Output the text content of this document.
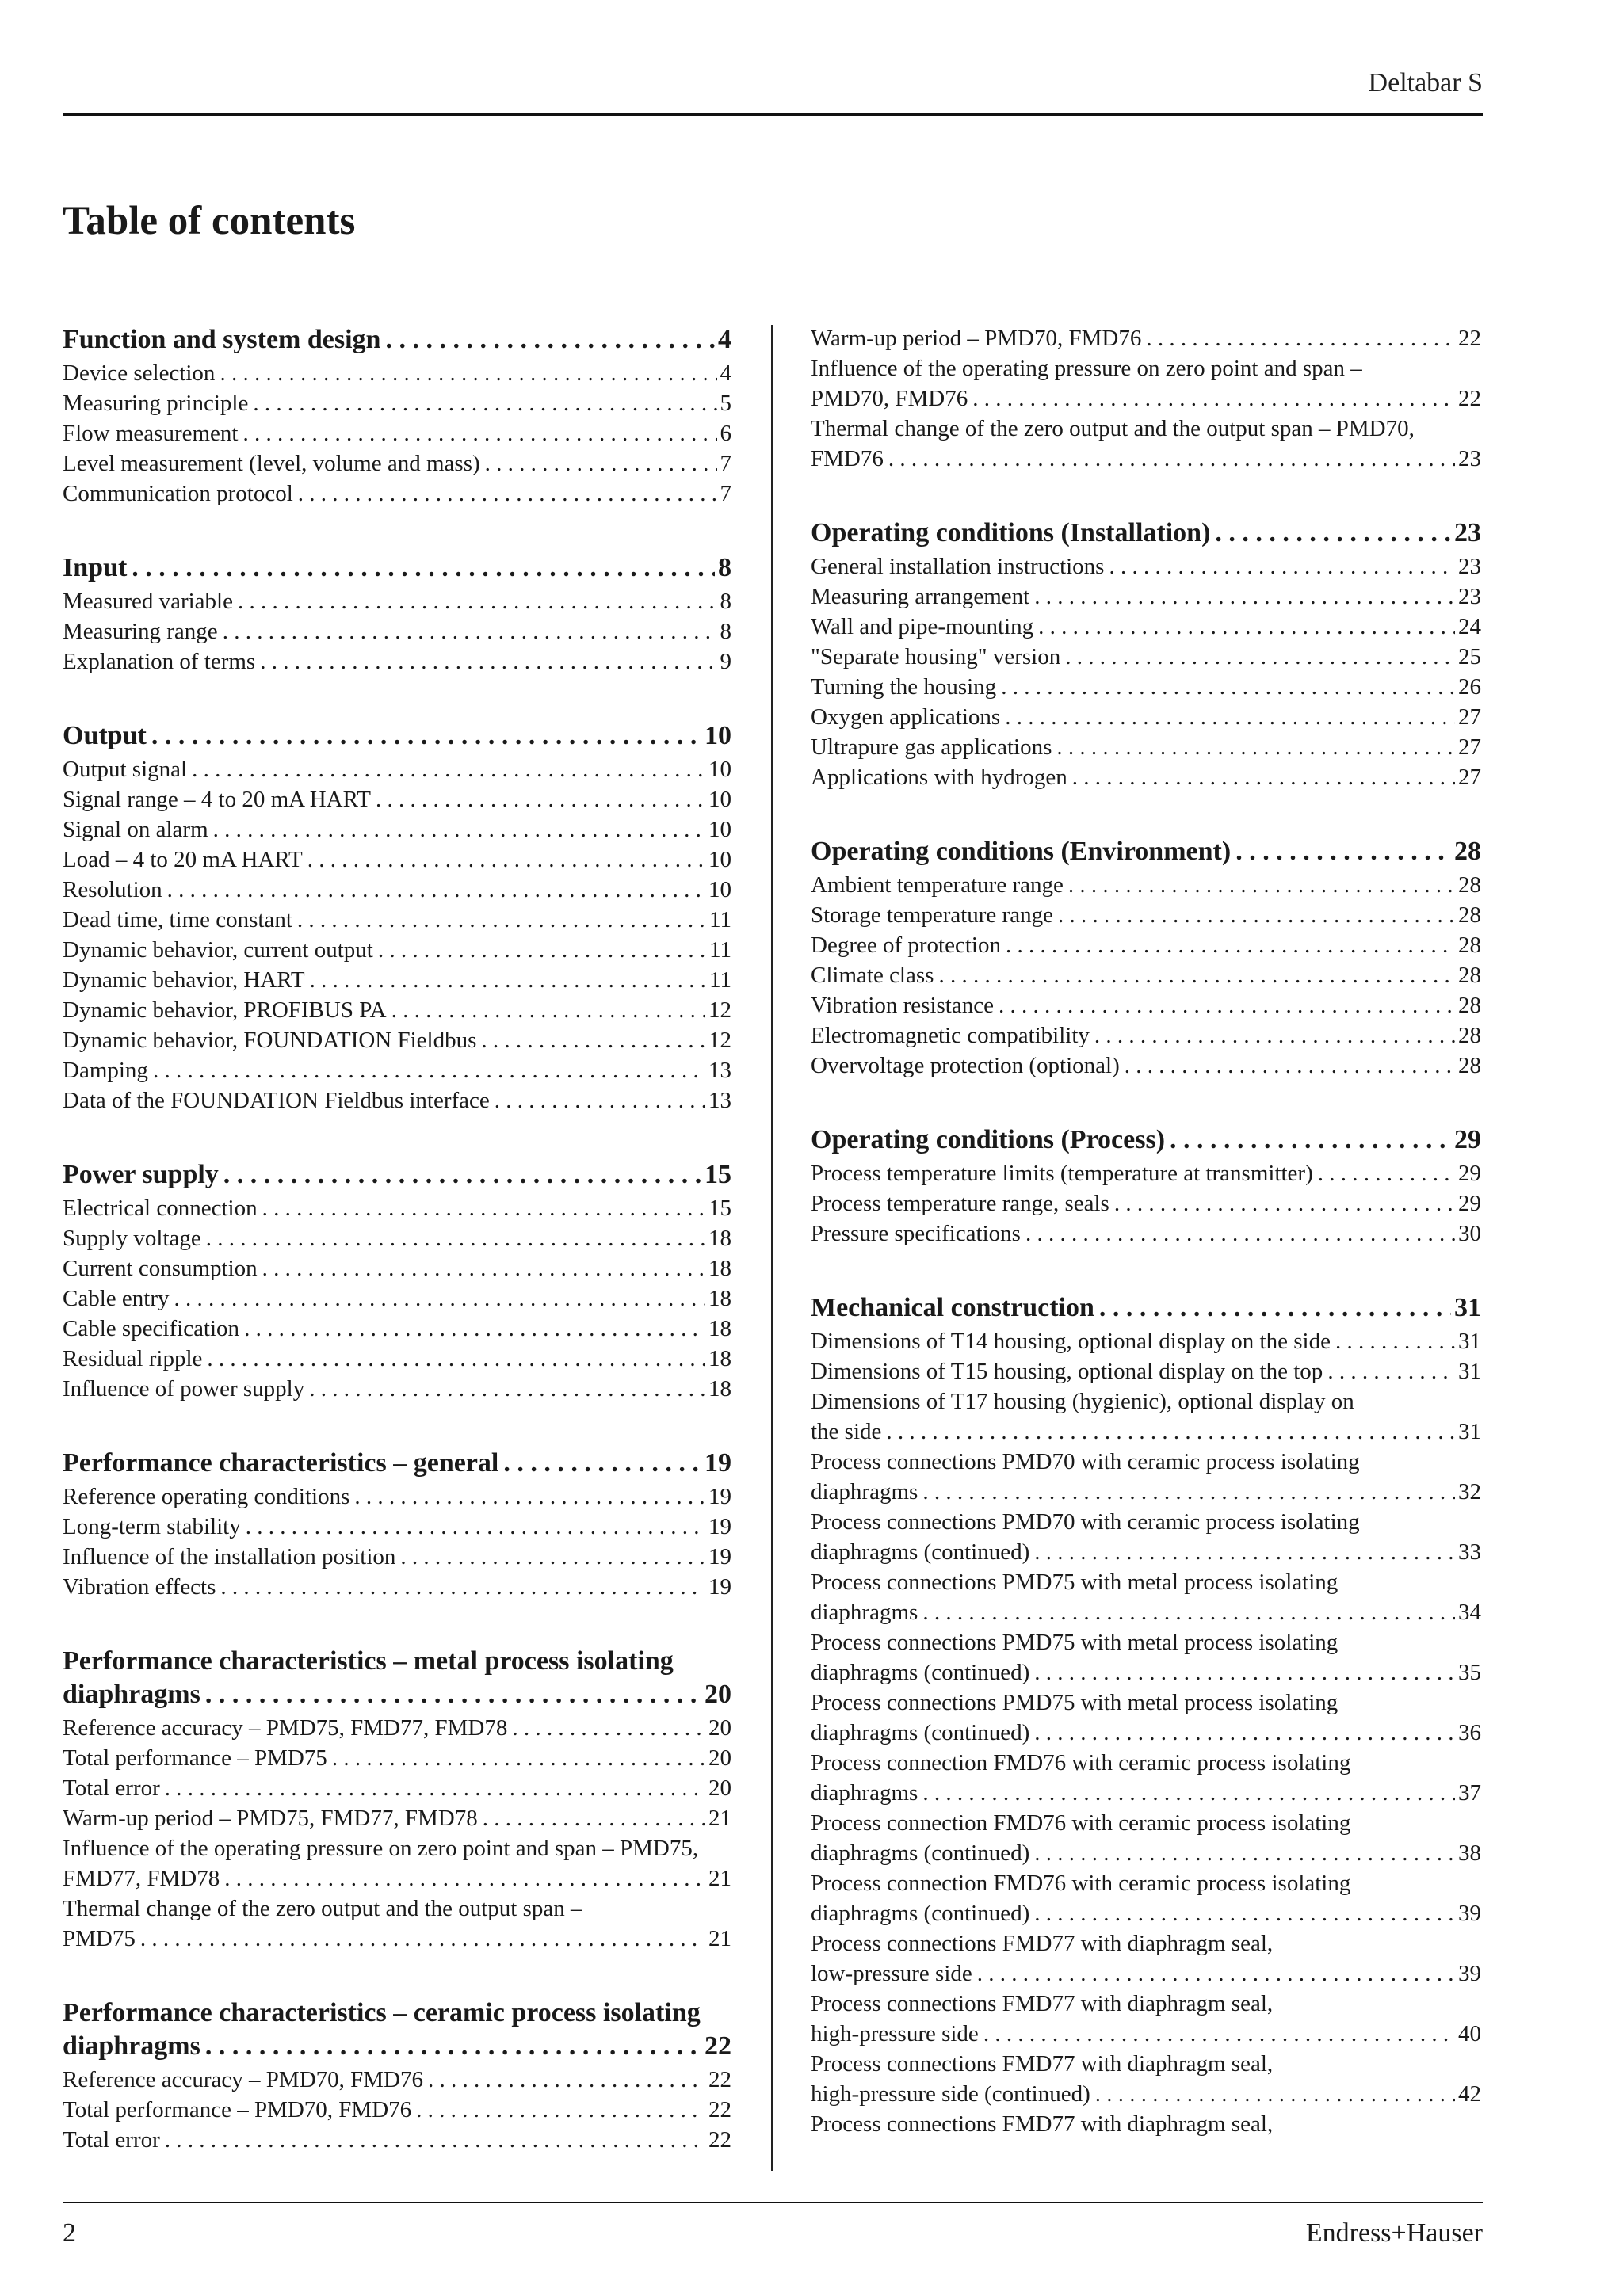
Deltabar S
Table of contents
Function and system design . . .	4
Device selection . . .	4
Measuring principle . . .	5
Flow measurement . . .	6
Level measurement (level, volume and mass) . . .	7
Communication protocol . . .	7
Input . . .	8
Measured variable . . .	8
Measuring range . . .	8
Explanation of terms . . .	9
Output . . .	10
Output signal . . .	10
Signal range – 4 to 20 mA HART . . .	10
Signal on alarm . . .	10
Load – 4 to 20 mA HART . . .	10
Resolution . . .	10
Dead time, time constant . . .	11
Dynamic behavior, current output . . .	11
Dynamic behavior, HART . . .	11
Dynamic behavior, PROFIBUS PA . . .	12
Dynamic behavior, FOUNDATION Fieldbus . . .	12
Damping . . .	13
Data of the FOUNDATION Fieldbus interface . . .	13
Power supply . . .	15
Electrical connection . . .	15
Supply voltage . . .	18
Current consumption . . .	18
Cable entry . . .	18
Cable specification . . .	18
Residual ripple . . .	18
Influence of power supply . . .	18
Performance characteristics – general . . .	19
Reference operating conditions . . .	19
Long-term stability . . .	19
Influence of the installation position . . .	19
Vibration effects . . .	19
Performance characteristics – metal process isolating
diaphragms . . .	20
Reference accuracy – PMD75, FMD77, FMD78 . . .	20
Total performance – PMD75 . . .	20
Total error . . .	20
Warm-up period – PMD75, FMD77, FMD78 . . .	21
Influence of the operating pressure on zero point and span – PMD75,
FMD77, FMD78 . . .	21
Thermal change of the zero output and the output span –
PMD75 . . .	21
Performance characteristics – ceramic process isolating
diaphragms . . .	22
Reference accuracy – PMD70, FMD76 . . .	22
Total performance – PMD70, FMD76 . . .	22
Total error . . .	22
Warm-up period – PMD70, FMD76 . . .	22
Influence of the operating pressure on zero point and span –
PMD70, FMD76 . . .	22
Thermal change of the zero output and the output span – PMD70,
FMD76 . . .	23
Operating conditions (Installation) . . .	23
General installation instructions . . .	23
Measuring arrangement . . .	23
Wall and pipe-mounting . . .	24
"Separate housing" version . . .	25
Turning the housing . . .	26
Oxygen applications . . .	27
Ultrapure gas applications . . .	27
Applications with hydrogen . . .	27
Operating conditions (Environment) . . .	28
Ambient temperature range . . .	28
Storage temperature range . . .	28
Degree of protection . . .	28
Climate class . . .	28
Vibration resistance . . .	28
Electromagnetic compatibility . . .	28
Overvoltage protection (optional) . . .	28
Operating conditions (Process) . . .	29
Process temperature limits (temperature at transmitter) . . .	29
Process temperature range, seals . . .	29
Pressure specifications . . .	30
Mechanical construction . . .	31
Dimensions of T14 housing, optional display on the side . . .	31
Dimensions of T15 housing, optional display on the top . . .	31
Dimensions of T17 housing (hygienic), optional display on
the side . . .	31
Process connections PMD70 with ceramic process isolating
diaphragms . . .	32
Process connections PMD70 with ceramic process isolating
diaphragms (continued) . . .	33
Process connections PMD75 with metal process isolating
diaphragms . . .	34
Process connections PMD75 with metal process isolating
diaphragms (continued) . . .	35
Process connections PMD75 with metal process isolating
diaphragms (continued) . . .	36
Process connection FMD76 with ceramic process isolating
diaphragms . . .	37
Process connection FMD76 with ceramic process isolating
diaphragms (continued) . . .	38
Process connection FMD76 with ceramic process isolating
diaphragms (continued) . . .	39
Process connections FMD77 with diaphragm seal,
low-pressure side . . .	39
Process connections FMD77 with diaphragm seal,
high-pressure side . . .	40
Process connections FMD77 with diaphragm seal,
high-pressure side (continued) . . .	42
Process connections FMD77 with diaphragm seal,
2	Endress+Hauser
